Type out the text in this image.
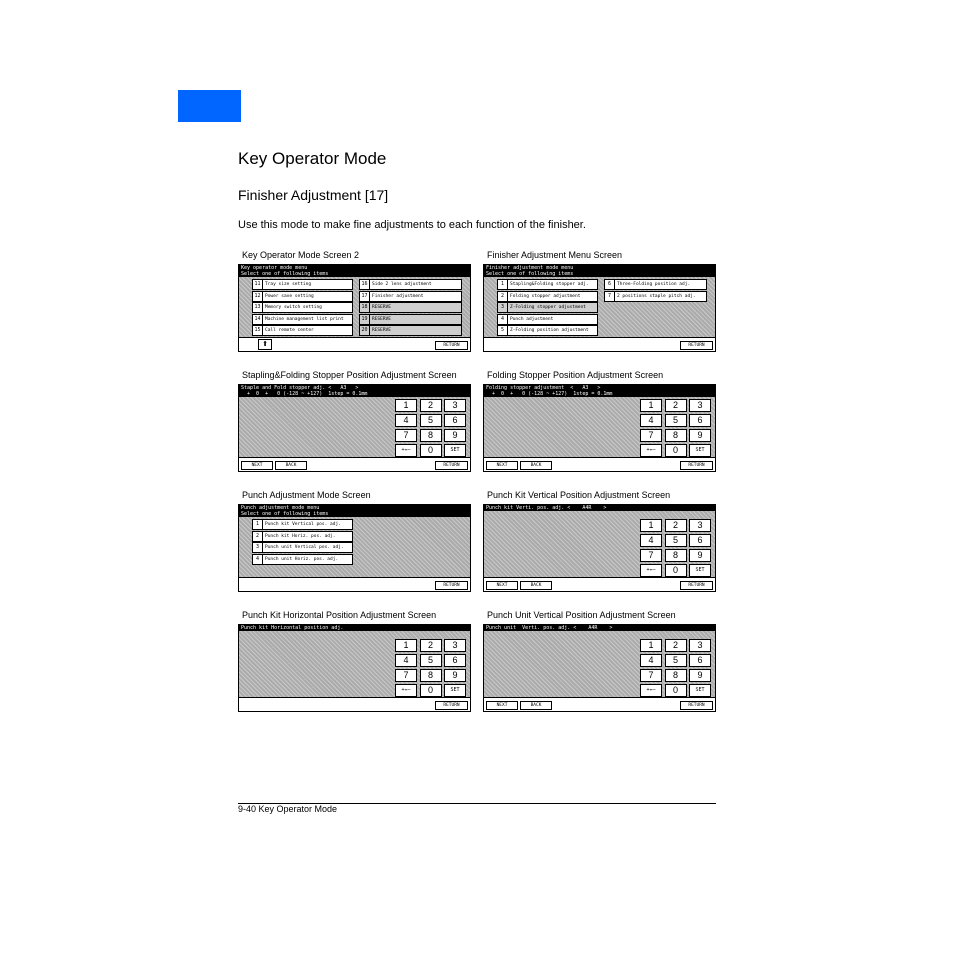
Key Operator Mode
Finisher Adjustment [17]

Use this mode to make fine adjustments to each function of the finisher.

Key Operator Mode Screen 2
Key operator mode menu
Select one of following items
11 Tray size setting
12 Power save setting
13 Memory switch setting
14 Machine management list print
15 Call remote center
16 Side 2 lens adjustment
17 Finisher adjustment
18 RESERVE
19 RESERVE
20 RESERVE
⬆	RETURN
Finisher Adjustment Menu Screen
Finisher adjustment mode menu
Select one of following items
1 Stapling&Folding stopper adj.
2 Folding stopper adjustment
3 Z-Folding stopper adjustment
4 Punch adjustment
5 Z-Folding position adjustment
6 Three-Folding position adj.
7 2 positions staple pitch adj.
RETURN
Stapling&Folding Stopper Position Adjustment Screen
Staple and Fold stopper adj. <   A3   >
+  0  +   0 (-128 ~ +127)  1step = 0.1mm
1	2	3
4	5	6
7	8	9
+↔−	0	SET
NEXT	BACK	RETURN
Folding Stopper Position Adjustment Screen
Folding stopper adjustment  <   A3   >
+  0  +   0 (-128 ~ +127)  1step = 0.1mm
1	2	3
4	5	6
7	8	9
+↔−	0	SET
NEXT	BACK	RETURN
Punch Adjustment Mode Screen
Punch adjustment mode menu
Select one of following items
1 Punch kit Vertical pos. adj.
2 Punch kit Horiz. pos. adj.
3 Punch unit Vertical pos. adj.
4 Punch unit Horiz. pos. adj.
RETURN
Punch Kit Vertical Position Adjustment Screen
Punch kit Verti. pos. adj. <    A4R    >
1	2	3
4	5	6
7	8	9
+↔−	0	SET
NEXT	BACK	RETURN
Punch Kit Horizontal Position Adjustment Screen
Punch kit Horizontal position adj.
1	2	3
4	5	6
7	8	9
+↔−	0	SET
RETURN
Punch Unit Vertical Position Adjustment Screen
Punch unit  Verti. pos. adj. <    A4R    >
1	2	3
4	5	6
7	8	9
+↔−	0	SET
NEXT	BACK	RETURN
9-40 Key Operator Mode
